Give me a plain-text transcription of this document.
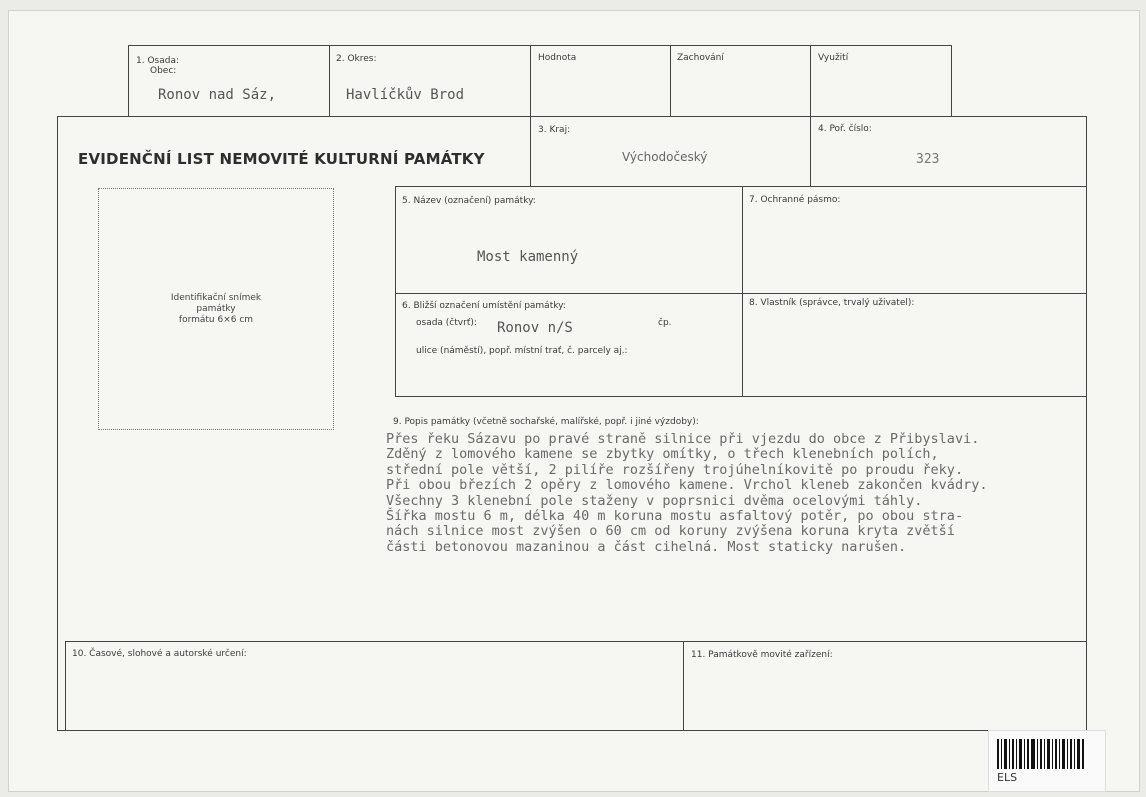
1. Osada:
Obec:
Ronov nad Sáz,
2. Okres:
Havlíčkův Brod
Hodnota	Zachování	Využití
3. Kraj:
Východočeský
4. Poř. číslo:
323
EVIDENČNÍ LIST NEMOVITÉ KULTURNÍ PAMÁTKY
Identifikační snímek
památky
formátu 6×6 cm
5. Název (označení) památky:
Most kamenný
7. Ochranné pásmo:
6. Bližší označení umístění památky:
osada (čtvrť): Ronov n/S	čp.
ulice (náměstí), popř. místní trať, č. parcely aj.:
8. Vlastník (správce, trvalý uživatel):
9. Popis památky (včetně sochařské, malířské, popř. i jiné výzdoby):
Přes řeku Sázavu po pravé straně silnice při vjezdu do obce z Přibyslavi.
Zděný z lomového kamene se zbytky omítky, o třech klenebních polích,
střední pole větší, 2 pilíře rozšířeny trojúhelníkovitě po proudu řeky.
Při obou březích 2 opěry z lomového kamene. Vrchol kleneb zakončen kvádry.
Všechny 3 klenební pole staženy v poprsnici dvěma ocelovými táhly.
Šířka mostu 6 m, délka 40 m koruna mostu asfaltový potěr, po obou stra-
nách silnice most zvýšen o 60 cm od koruny zvýšena koruna kryta zvětší
části betonovou mazaninou a část cihelná. Most staticky narušen.
10. Časové, slohové a autorské určení:	11. Památkově movité zařízení:
ELS
